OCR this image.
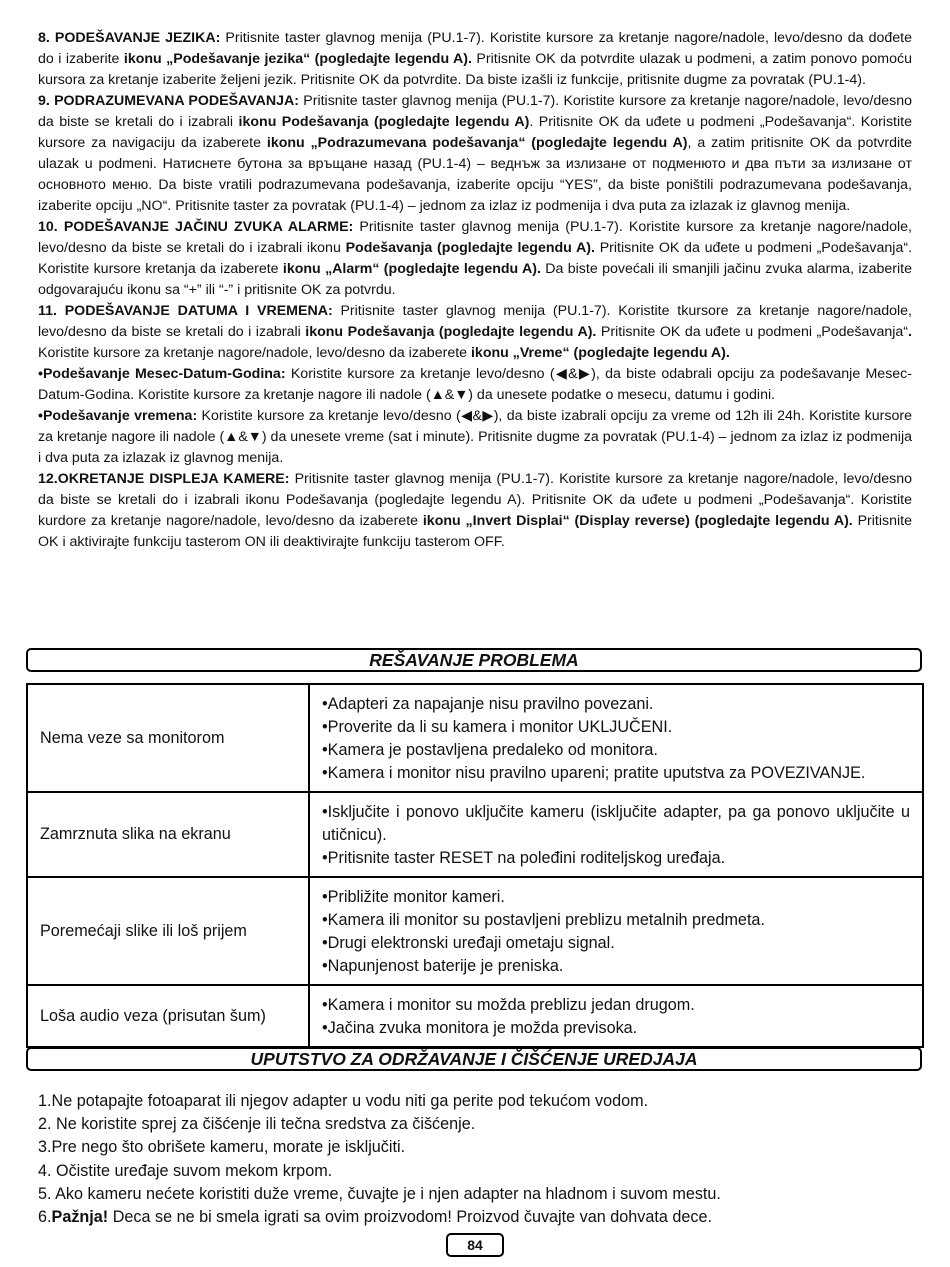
8. PODEŠAVANJE JEZIKA: Pritisnite taster glavnog menija (PU.1-7). Koristite kursore za kretanje nagore/nadole, levo/desno da dođete do i izaberite ikonu „Podešavanje jezika“ (pogledajte legendu A). Pritisnite OK da potvrdite ulazak u podmeni, a zatim ponovo pomoću kursora za kretanje izaberite željeni jezik. Pritisnite OK da potvrdite. Da biste izašli iz funkcije, pritisnite dugme za povratak (PU.1-4).

9. PODRAZUMEVANA PODEŠAVANJA: Pritisnite taster glavnog menija (PU.1-7). Koristite kursore za kretanje nagore/nadole, levo/desno da biste se kretali do i izabrali ikonu Podešavanja (pogledajte legendu A). Pritisnite OK da uđete u podmeni „Podešavanja“. Koristite kursore za navigaciju da izaberete ikonu „Podrazumevana podešavanja“ (pogledajte legendu A), a zatim pritisnite OK da potvrdite ulazak u podmeni. Натиснете бутона за връщане назад (PU.1-4) – веднъж за излизане от подменюто и два пъти за излизане от основното меню. Da biste vratili podrazumevana podešavanja, izaberite opciju “YES”, da biste poništili podrazumevana podešavanja, izaberite opciju „NO“. Pritisnite taster za povratak (PU.1-4) – jednom za izlaz iz podmenija i dva puta za izlazak iz glavnog menija.

10. PODEŠAVANJE JAČINU ZVUKA ALARME: Pritisnite taster glavnog menija (PU.1-7). Koristite kursore za kretanje nagore/nadole, levo/desno da biste se kretali do i izabrali ikonu Podešavanja (pogledajte legendu A). Pritisnite OK da uđete u podmeni „Podešavanja“. Koristite kursore kretanja da izaberete ikonu „Alarm“ (pogledajte legendu A). Da biste povećali ili smanjili jačinu zvuka alarma, izaberite odgovarajuću ikonu sa “+” ili “-” i pritisnite OK za potvrdu.

11. PODEŠAVANJE DATUMA I VREMENA: Pritisnite taster glavnog menija (PU.1-7). Koristite tkursore za kretanje nagore/nadole, levo/desno da biste se kretali do i izabrali ikonu Podešavanja (pogledajte legendu A). Pritisnite OK da uđete u podmeni „Podešavanja“. Koristite kursore za kretanje nagore/nadole, levo/desno da izaberete ikonu „Vreme“ (pogledajte legendu A).

•Podešavanje Mesec-Datum-Godina: Koristite kursore za kretanje levo/desno (◀&▶), da biste odabrali opciju za podešavanje Mesec-Datum-Godina. Koristite kursore za kretanje nagore ili nadole (▲&▼) da unesete podatke o mesecu, datumu i godini.

•Podešavanje vremena: Koristite kursore za kretanje levo/desno (◀&▶), da biste izabrali opciju za vreme od 12h ili 24h. Koristite kursore za kretanje nagore ili nadole (▲&▼) da unesete vreme (sat i minute). Pritisnite dugme za povratak (PU.1-4) – jednom za izlaz iz podmenija i dva puta za izlazak iz glavnog menija.

12.OKRETANJE DISPLEJA KAMERE: Pritisnite taster glavnog menija (PU.1-7). Koristite kursore za kretanje nagore/nadole, levo/desno da biste se kretali do i izabrali ikonu Podešavanja (pogledajte legendu A). Pritisnite OK da uđete u podmeni „Podešavanja“. Koristite kurdore za kretanje nagore/nadole, levo/desno da izaberete ikonu „Invert Displai“ (Display reverse) (pogledajte legendu A). Pritisnite OK i aktivirajte funkciju tasterom ON ili deaktivirajte funkciju tasterom OFF.

REŠAVANJE PROBLEMA
Nema veze sa monitorom	•Adapteri za napajanje nisu pravilno povezani.
•Proverite da li su kamera i monitor UKLJUČENI.
•Kamera je postavljena predaleko od monitora.
•Kamera i monitor nisu pravilno upareni; pratite uputstva za POVEZIVANJE.

Zamrznuta slika na ekranu	•Isključite i ponovo uključite kameru (isključite adapter, pa ga ponovo uključite u utičnicu).
•Pritisnite taster RESET na poleđini roditeljskog uređaja.

Poremećaji slike ili loš prijem	•Približite monitor kameri.
•Kamera ili monitor su postavljeni preblizu metalnih predmeta.
•Drugi elektronski uređaji ometaju signal.
•Napunjenost baterije je preniska.

Loša audio veza (prisutan šum)	•Kamera i monitor su možda preblizu jedan drugom.
•Jačina zvuka monitora je možda previsoka.
UPUTSTVO ZA ODRŽAVANJE I ČIŠĆENJE UREDJAJA
1.Ne potapajte fotoaparat ili njegov adapter u vodu niti ga perite pod tekućom vodom.
2. Ne koristite sprej za čišćenje ili tečna sredstva za čišćenje.
3.Pre nego što obrišete kameru, morate je isključiti.
4. Očistite uređaje suvom mekom krpom.
5. Ako kameru nećete koristiti duže vreme, čuvajte je i njen adapter na hladnom i suvom mestu.
6.Pažnja! Deca se ne bi smela igrati sa ovim proizvodom! Proizvod čuvajte van dohvata dece.
84
